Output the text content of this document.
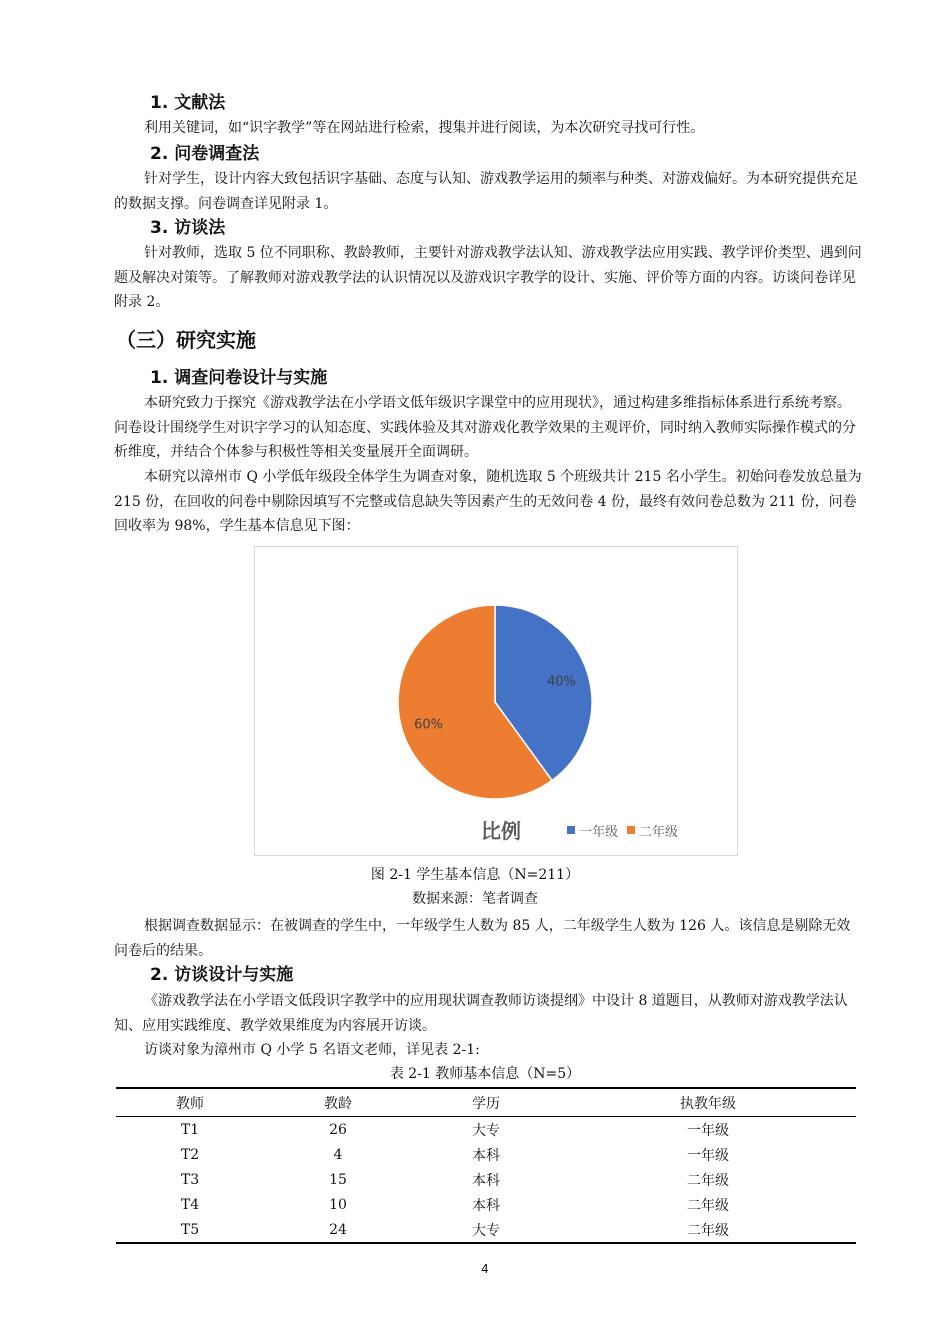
1. 文献法

利用关键词，如“识字教学”等在网站进行检索，搜集并进行阅读，为本次研究寻找可行性。

2. 问卷调查法

针对学生，设计内容大致包括识字基础、态度与认知、游戏教学运用的频率与种类、对游戏偏好。为本研究提供充足的数据支撑。问卷调查详见附录 1。

3. 访谈法

针对教师，选取 5 位不同职称、教龄教师，主要针对游戏教学法认知、游戏教学法应用实践、教学评价类型、遇到问题及解决对策等。了解教师对游戏教学法的认识情况以及游戏识字教学的设计、实施、评价等方面的内容。访谈问卷详见附录 2。

（三）研究实施
1. 调查问卷设计与实施

本研究致力于探究《游戏教学法在小学语文低年级识字课堂中的应用现状》，通过构建多维指标体系进行系统考察。问卷设计围绕学生对识字学习的认知态度、实践体验及其对游戏化教学效果的主观评价，同时纳入教师实际操作模式的分析维度，并结合个体参与积极性等相关变量展开全面调研。

本研究以漳州市 Q 小学低年级段全体学生为调查对象，随机选取 5 个班级共计 215 名小学生。初始问卷发放总量为 215 份，在回收的问卷中剔除因填写不完整或信息缺失等因素产生的无效问卷 4 份，最终有效问卷总数为 211 份，问卷回收率为 98%，学生基本信息见下图：

40%
60%
比例	一年级 二年级
图 2-1 学生基本信息（N=211）
数据来源：笔者调查

根据调查数据显示：在被调查的学生中，一年级学生人数为 85 人，二年级学生人数为 126 人。该信息是剔除无效问卷后的结果。

2. 访谈设计与实施

《游戏教学法在小学语文低段识字教学中的应用现状调查教师访谈提纲》中设计 8 道题目，从教师对游戏教学法认知、应用实践维度、教学效果维度为内容展开访谈。

访谈对象为漳州市 Q 小学 5 名语文老师，详见表 2-1:

表 2-1 教师基本信息（N=5）
教师	教龄	学历	执教年级
T1	26	大专	一年级
T2	4	本科	一年级
T3	15	本科	二年级
T4	10	本科	二年级
T5	24	大专	二年级
4
